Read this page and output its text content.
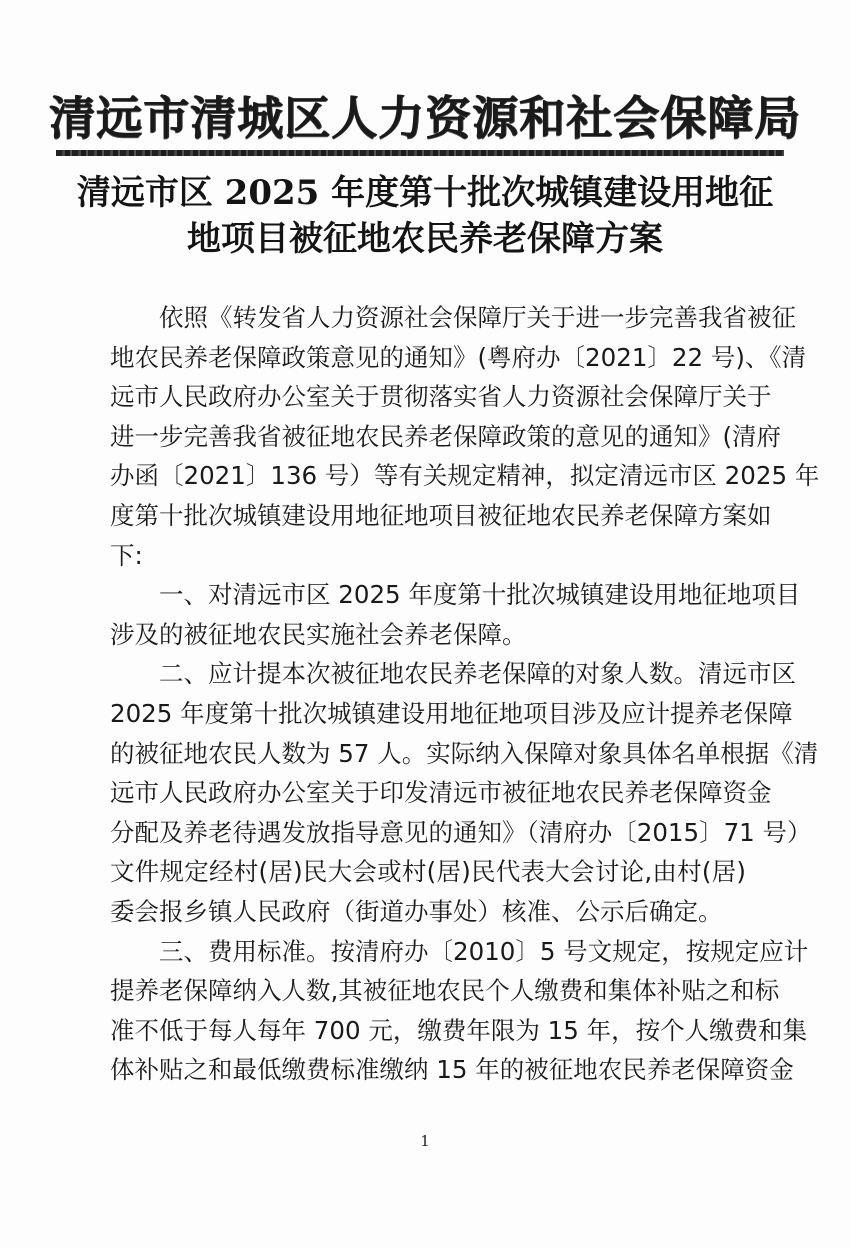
清远市清城区人力资源和社会保障局
清远市区 2025 年度第十批次城镇建设用地征
地项目被征地农民养老保障方案
依照《转发省人力资源社会保障厅关于进一步完善我省被征
地农民养老保障政策意见的通知》(粤府办〔2021〕22 号)、《清
远市人民政府办公室关于贯彻落实省人力资源社会保障厅关于
进一步完善我省被征地农民养老保障政策的意见的通知》(清府
办函〔2021〕136 号）等有关规定精神，拟定清远市区 2025 年
度第十批次城镇建设用地征地项目被征地农民养老保障方案如
下:
一、对清远市区 2025 年度第十批次城镇建设用地征地项目
涉及的被征地农民实施社会养老保障。
二、应计提本次被征地农民养老保障的对象人数。清远市区
2025 年度第十批次城镇建设用地征地项目涉及应计提养老保障
的被征地农民人数为 57 人。实际纳入保障对象具体名单根据《清
远市人民政府办公室关于印发清远市被征地农民养老保障资金
分配及养老待遇发放指导意见的通知》（清府办〔2015〕71 号）
文件规定经村(居)民大会或村(居)民代表大会讨论,由村(居)
委会报乡镇人民政府（街道办事处）核准、公示后确定。
三、费用标准。按清府办〔2010〕5 号文规定，按规定应计
提养老保障纳入人数,其被征地农民个人缴费和集体补贴之和标
准不低于每人每年 700 元，缴费年限为 15 年，按个人缴费和集
体补贴之和最低缴费标准缴纳 15 年的被征地农民养老保障资金
1
